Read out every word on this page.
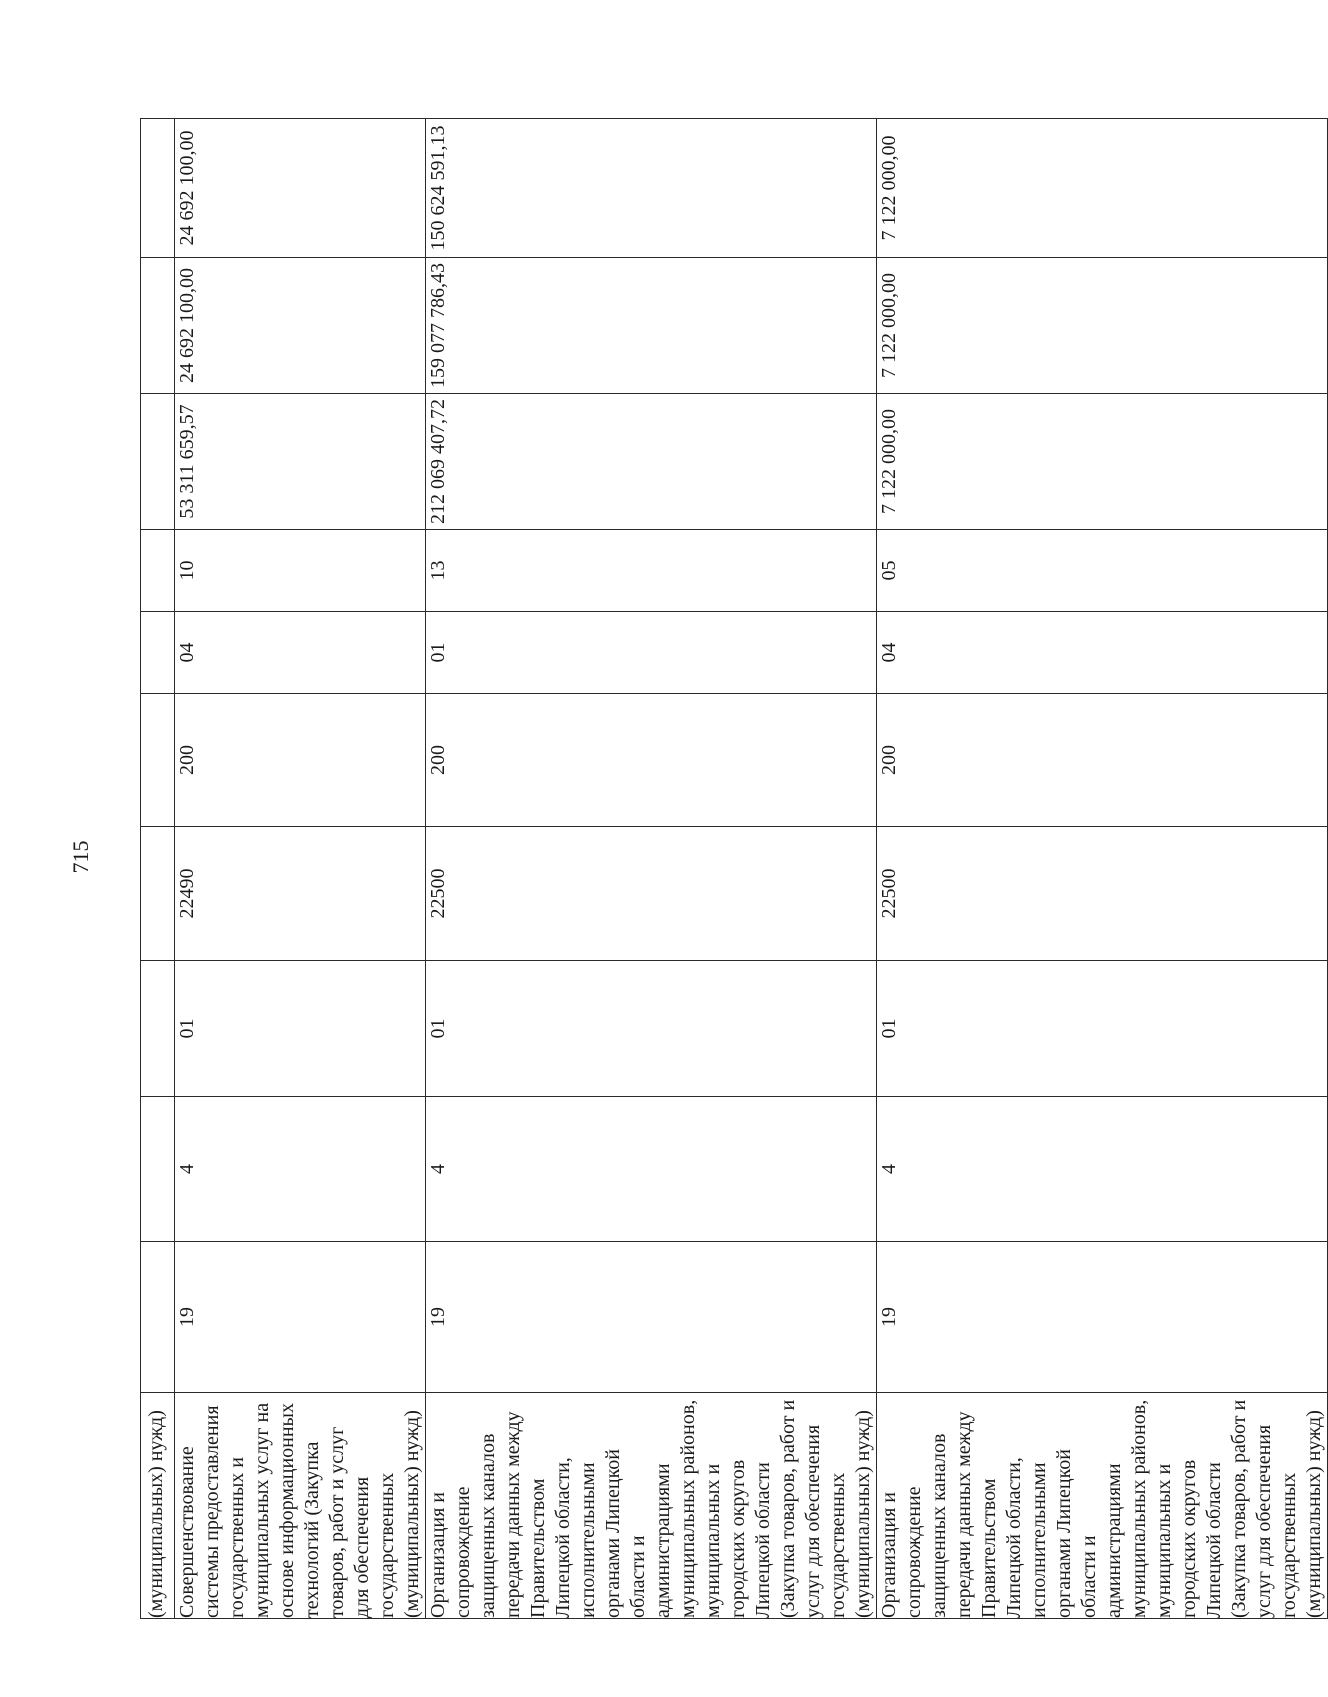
715
(муниципальных) нужд)										
Совершенствование системы предоставления государственных и муниципальных услуг на основе информационных технологий (Закупка товаров, работ и услуг для обеспечения государственных (муниципальных) нужд)	19	4	01	22490	200	04	10	53 311 659,57	24 692 100,00	24 692 100,00
Организация и сопровождение защищенных каналов передачи данных между Правительством Липецкой области, исполнительными органами Липецкой области и администрациями муниципальных районов, муниципальных и городских округов Липецкой области (Закупка товаров, работ и услуг для обеспечения государственных (муниципальных) нужд)	19	4	01	22500	200	01	13	212 069 407,72	159 077 786,43	150 624 591,13
Организация и сопровождение защищенных каналов передачи данных между Правительством Липецкой области, исполнительными органами Липецкой области и администрациями муниципальных районов, муниципальных и городских округов Липецкой области (Закупка товаров, работ и услуг для обеспечения государственных (муниципальных) нужд)	19	4	01	22500	200	04	05	7 122 000,00	7 122 000,00	7 122 000,00
